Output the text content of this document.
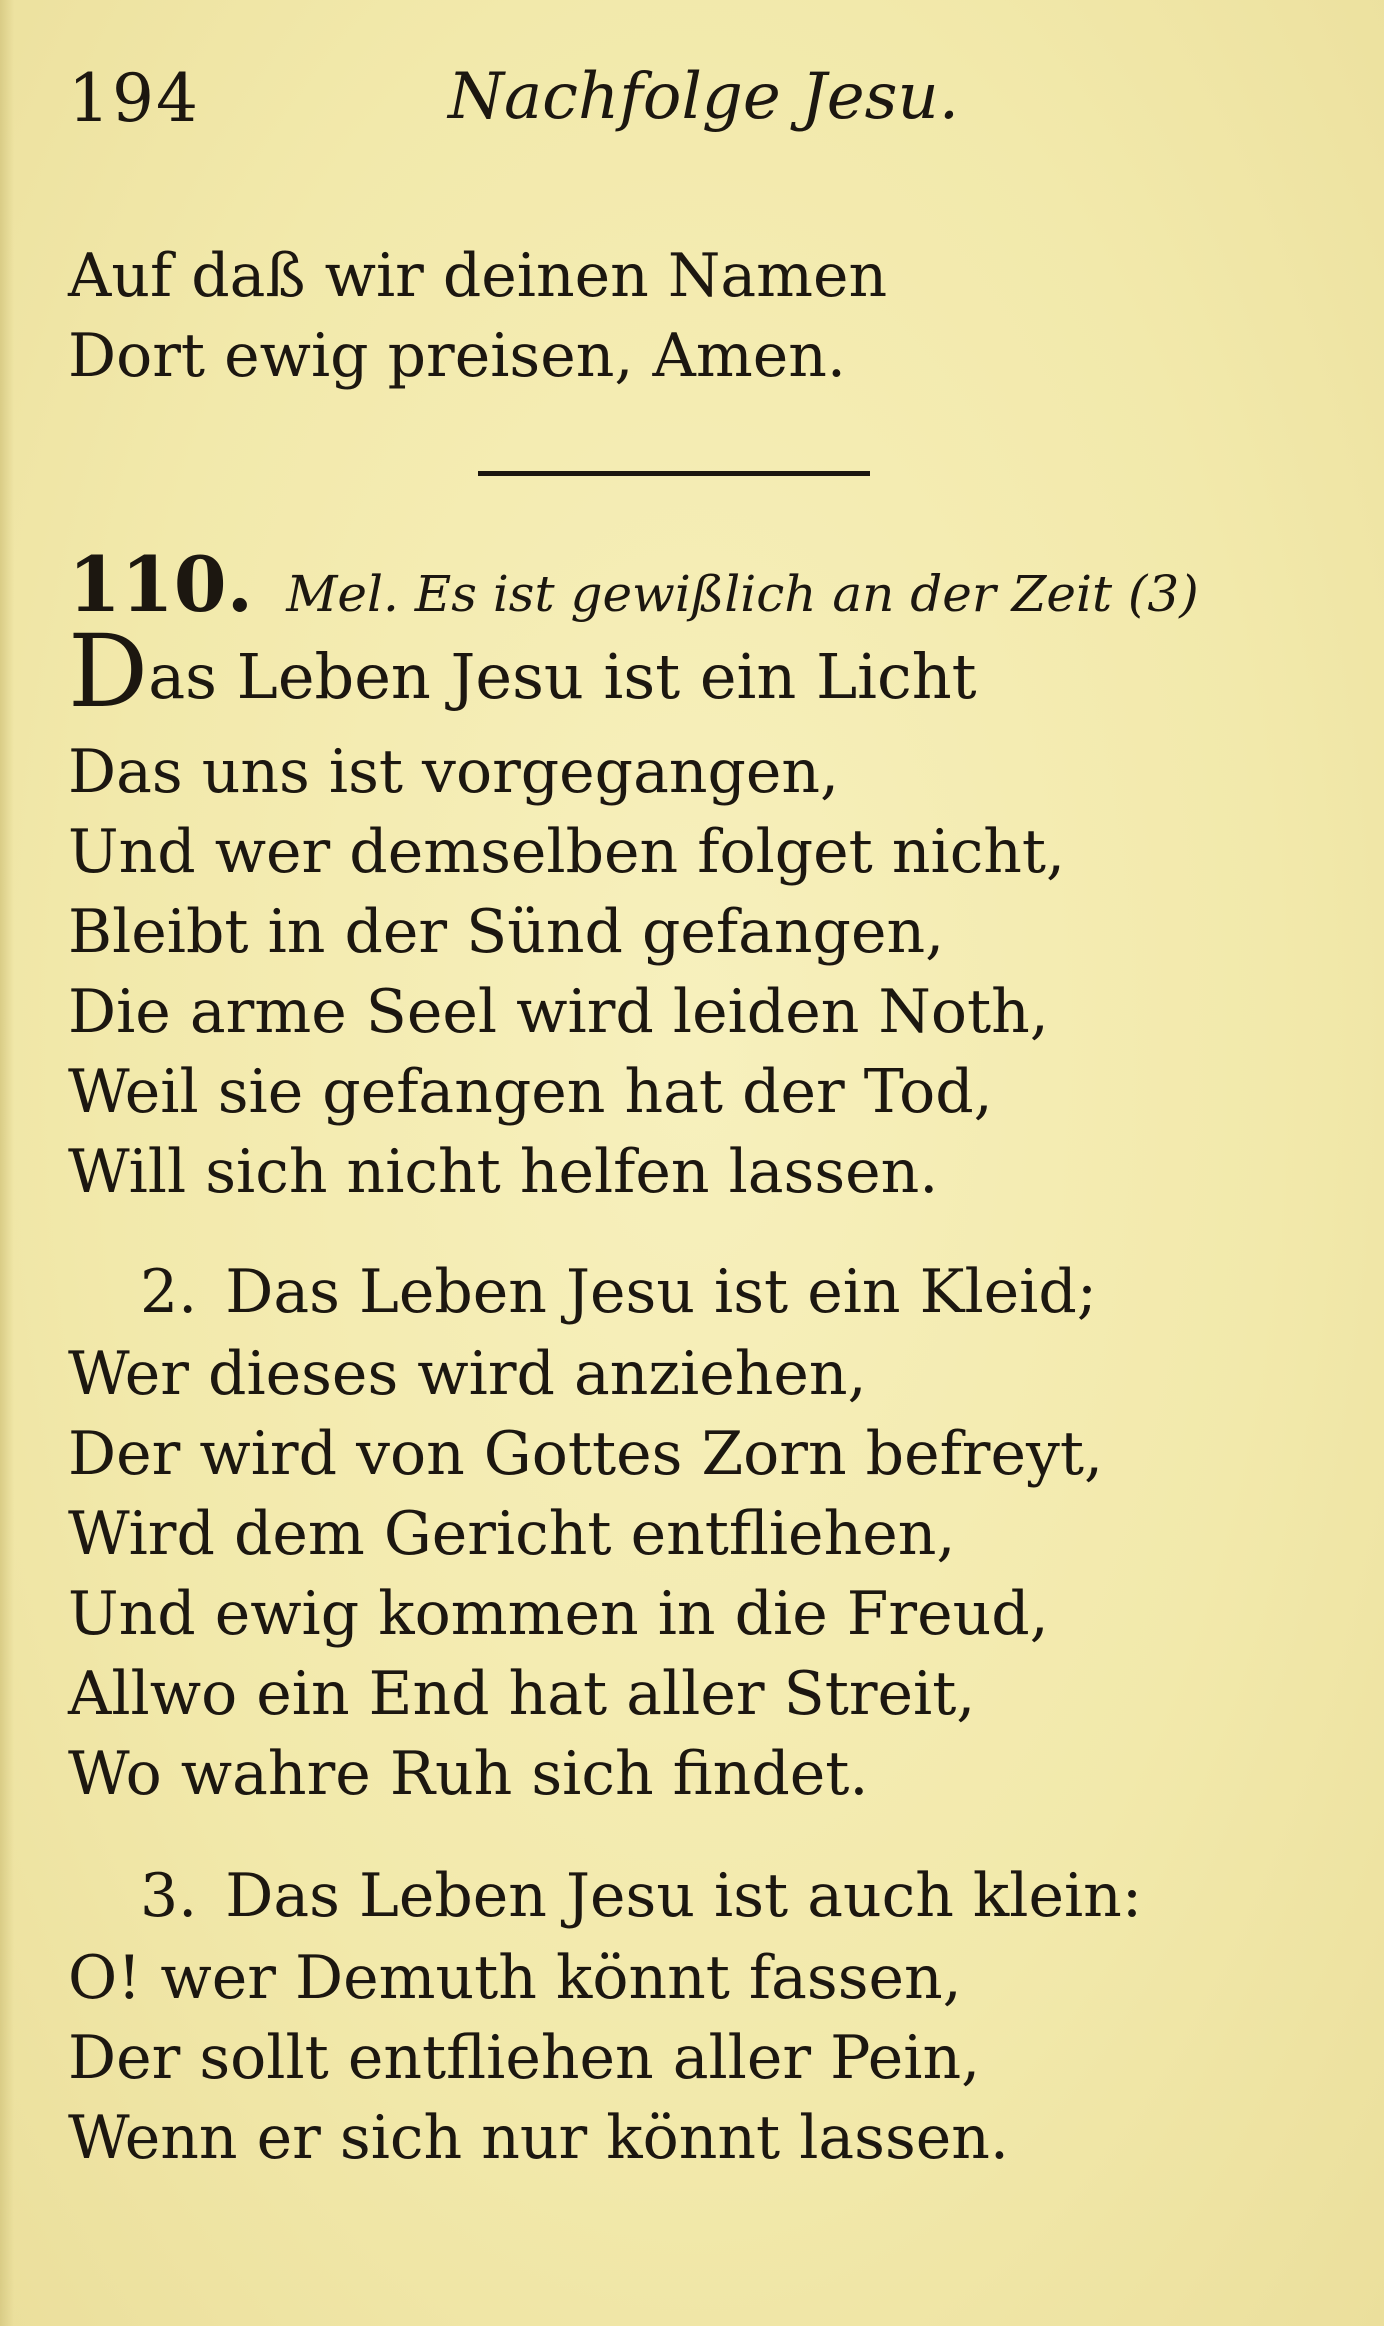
194	Nachfolge Jesu.
Auf daß wir deinen Namen
Dort ewig preisen, Amen.
110. Mel. Es ist gewißlich an der Zeit (3)
Das Leben Jesu ist ein Licht
Das uns ist vorgegangen,
Und wer demselben folget nicht,
Bleibt in der Sünd gefangen,
Die arme Seel wird leiden Noth,
Weil sie gefangen hat der Tod,
Will sich nicht helfen lassen.
2. Das Leben Jesu ist ein Kleid;
Wer dieses wird anziehen,
Der wird von Gottes Zorn befreyt,
Wird dem Gericht entfliehen,
Und ewig kommen in die Freud,
Allwo ein End hat aller Streit,
Wo wahre Ruh sich findet.
3. Das Leben Jesu ist auch klein:
O! wer Demuth könnt fassen,
Der sollt entfliehen aller Pein,
Wenn er sich nur könnt lassen.
